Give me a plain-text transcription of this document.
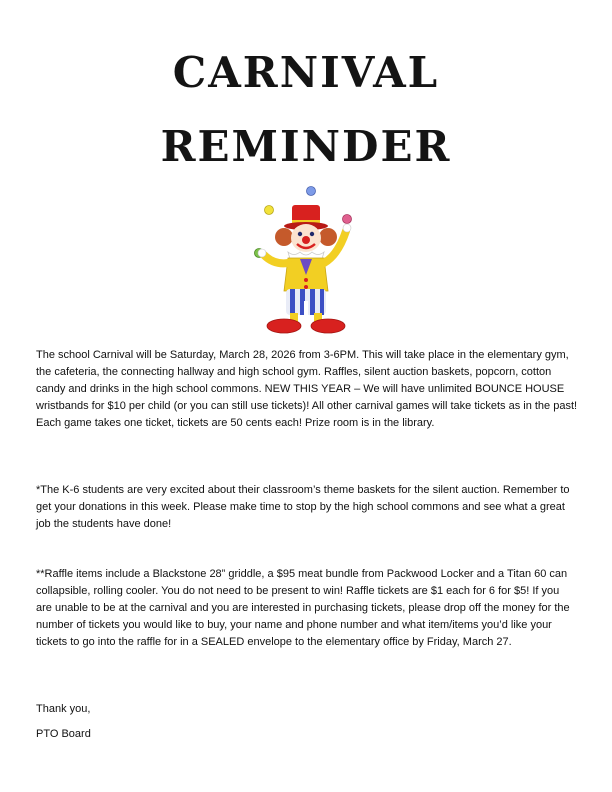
CARNIVAL
REMINDER

The school Carnival will be Saturday, March 28, 2026 from 3-6PM. This will take place in the elementary gym, the cafeteria, the connecting hallway and high school gym. Raffles, silent auction baskets, popcorn, cotton candy and drinks in the high school commons. NEW THIS YEAR – We will have unlimited BOUNCE HOUSE wristbands for $10 per child (or you can still use tickets)! All other carnival games will take tickets as in the past! Each game takes one ticket, tickets are 50 cents each! Prize room is in the library.

*The K-6 students are very excited about their classroom’s theme baskets for the silent auction. Remember to get your donations in this week. Please make time to stop by the high school commons and see what a great job the students have done!

**Raffle items include a Blackstone 28” griddle, a $95 meat bundle from Packwood Locker and a Titan 60 can collapsible, rolling cooler. You do not need to be present to win! Raffle tickets are $1 each for 6 for $5! If you are unable to be at the carnival and you are interested in purchasing tickets, please drop off the money for the number of tickets you would like to buy, your name and phone number and what item/items you’d like your tickets to go into the raffle for in a SEALED envelope to the elementary office by Friday, March 27.

Thank you,

PTO Board
